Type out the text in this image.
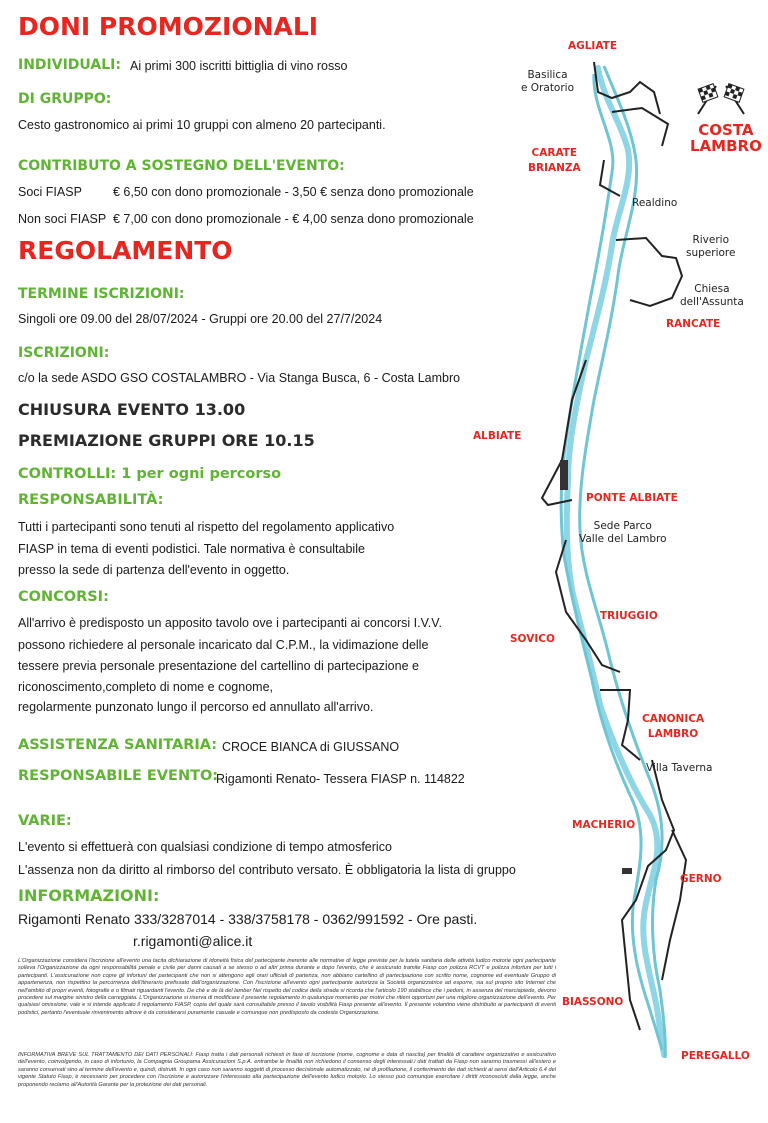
DONI PROMOZIONALI
INDIVIDUALI: Ai primi 300 iscritti bittiglia di vino rosso
DI GRUPPO:
Cesto gastronomico ai primi 10 gruppi con almeno 20 partecipanti.
CONTRIBUTO A SOSTEGNO DELL'EVENTO:
Soci FIASP € 6,50 con dono promozionale - 3,50 € senza dono promozionale
Non soci FIASP € 7,00 con dono promozionale - € 4,00 senza dono promozionale
REGOLAMENTO
TERMINE ISCRIZIONI:
Singoli ore 09.00 del 28/07/2024 - Gruppi ore 20.00 del 27/7/2024
ISCRIZIONI:
c/o la sede ASDO GSO COSTALAMBRO - Via Stanga Busca, 6 - Costa Lambro
CHIUSURA EVENTO 13.00
PREMIAZIONE GRUPPI ORE 10.15
CONTROLLI: 1 per ogni percorso
RESPONSABILITÀ:
Tutti i partecipanti sono tenuti al rispetto del regolamento applicativo
FIASP in tema di eventi podistici. Tale normativa è consultabile
presso la sede di partenza dell'evento in oggetto.
CONCORSI:
All'arrivo è predisposto un apposito tavolo ove i partecipanti ai concorsi I.V.V.
possono richiedere al personale incaricato dal C.P.M., la vidimazione delle
tessere previa personale presentazione del cartellino di partecipazione e
riconoscimento,completo di nome e cognome,
regolarmente punzonato lungo il percorso ed annullato all'arrivo.
ASSISTENZA SANITARIA: CROCE BIANCA di GIUSSANO
RESPONSABILE EVENTO:
Rigamonti Renato- Tessera FIASP n. 114822
VARIE:
L'evento si effettuerà con qualsiasi condizione di tempo atmosferico
L'assenza non da diritto al rimborso del contributo versato. È obbligatoria la lista di gruppo
INFORMAZIONI:
Rigamonti Renato 333/3287014 - 338/3758178 - 0362/991592 - Ore pasti.
r.rigamonti@alice.it
L'Organizzazione considera l'iscrizione all'evento una tacita dichiarazione di idoneità fisica del partecipante inerente alle normative di legge previste per la tutela sanitaria delle attività ludico motorie ogni partecipante solleva l'Organizzazione da ogni responsabilità penale e civile per danni causati a se stesso o ad altri prima durante e dopo l'evento, che è assicurato tramite Fiasp con polizza RCVT e polizza infortuni per tutti i partecipanti. L'assicurazione non copre gli infortuni dei partecipanti che non si attengono agli orari ufficiali di partenza, non abbiano cartellino di partecipazione con scritto nome, cognome ed eventuale Gruppo di appartenenza, non rispettino la percorrenza dell'itinerario prefissato dall'organizzazione. Con l'iscrizione all'evento ogni partecipante autorizza la Società organizzatrice ad esporre, sia sul proprio sito Internet che nell'ambito di propri eventi, fotografie e o filmati riguardanti l'evento. De chè e de là del lamber Nel rispetto del codice della strada si ricorda che l'articolo 190 stabilisce che i pedoni, in assenza del marciapiede, devono procedere sul margine sinistro della carreggiata. L'Organizzazione si riserva di modificare il presente regolamento in qualunque momento per motivi che ritieni opportuni per una migliore organizzazione dell'evento. Per qualsiasi omissione, vale e si intende applicato il regolamento FIASP, copia del quale sarà consultabile presso il tavolo visibilità Fiasp presente all'evento. Il presente volantino viene distribuito ai partecipanti di eventi podistici, pertanto l'eventuale rinvenimento altrove è da considerarsi puramente casuale e comunque non predisposto da codesta Organizzazione.
INFORMATIVA BREVE SUL TRATTAMENTO DEI DATI PERSONALI: Fiasp tratta i dati personali richiesti in fase di iscrizione (nome, cognome e data di nascita) per finalità di carattere organizzativo e assicurativo dell'evento, coinvolgendo, in caso di infortunio, la Compagnia Groupama Assicurazioni S.p.A. entrambe le finalità non richiedono il consenso degli interessati.i dati trattati da Fiasp non saranno trasmessi all'estero e saranno conservati sino al termine dell'evento e, quindi, distrutti. In ogni caso non saranno soggetti di processo decisionale automatizzato, né di profilazione, il conferimento dei dati richiesti ai sensi dell'Articolo 6.4 del vigente Statuto Fiasp, è necessario per procedere con l'iscrizione e autorizzare l'interessato alla partecipazione dell'evento ludico motorio. Lo stesso può comunque esercitare i diritti riconosciuti dalla legge, anche proponendo reclamo all'Autorità Garante per la protezione dei dati personali.
AGLIATE
COSTA
LAMBRO
CARATE
BRIANZA
RANCATE
ALBIATE
PONTE ALBIATE
TRIUGGIO
SOVICO
CANONICA
LAMBRO
MACHERIO
GERNO
BIASSONO
PEREGALLO
Basilica
e Oratorio
Realdino
Riverio
superiore
Chiesa
dell'Assunta
Sede Parco
Valle del Lambro
Villa Taverna
